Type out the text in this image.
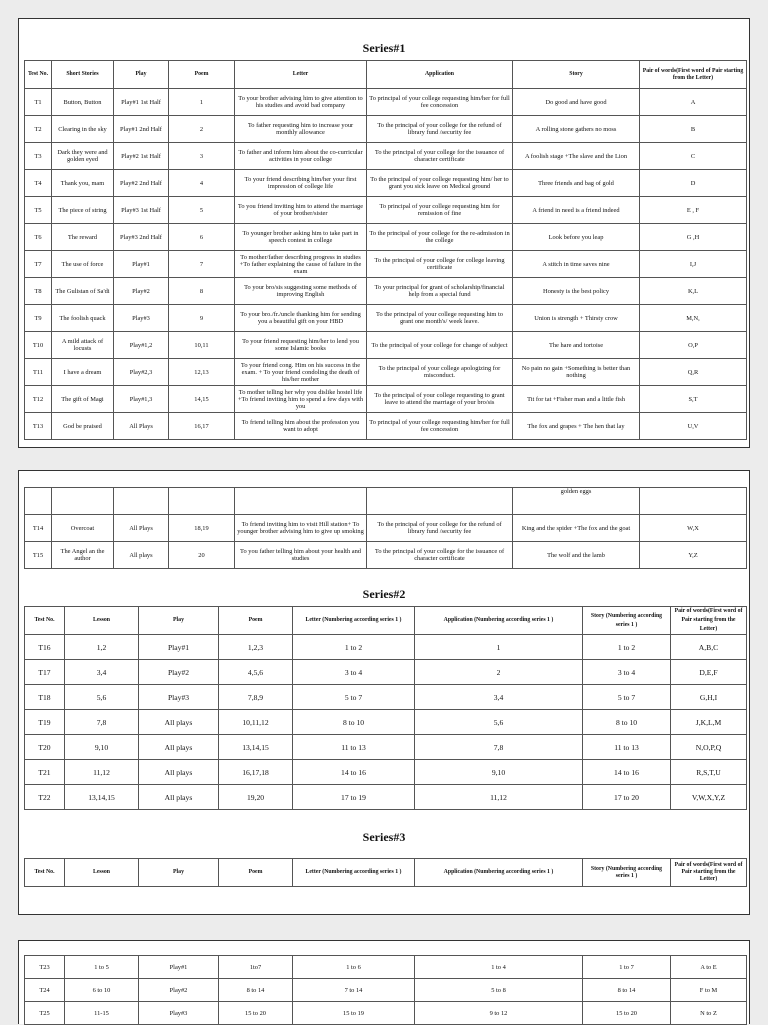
Series#1
Test No.	Short Stories	Play	Poem	Letter	Application	Story	Pair of words(First word of Pair starting from the Letter)
T1	Button, Button	Play#1 1st Half	1	To your brother advising him to give attention to his studies and avoid bad company	To principal of your college requesting him/her for full fee concession	Do good and have good	A
T2	Clearing in the sky	Play#1 2nd Half	2	To father requesting him to increase your monthly allowance	To the principal of your college for the refund of library fund /security fee	A rolling stone gathers no moss	B
T3	Dark they were and golden eyed	Play#2 1st Half	3	To father and inform him about the co-curricular activities in your college	To the principal of your college for the issuance of character certificate	A foolish stage +The slave and the Lion	C
T4	Thank you, mam	Play#2 2nd Half	4	To your friend describing him/her your first impression of college life	To the principal of your college requesting him/ her to grant you sick leave on Medical ground	Three friends and bag of gold	D
T5	The piece of string	Play#3 1st Half	5	To you friend inviting him to attend the marriage of your brother/sister	To principal of your college requesting him for remission of fine	A friend in need is a friend indeed	E , F
T6	The reward	Play#3 2nd Half	6	To younger brother asking him to take part in speech contest in college	To the principal of your college for the re-admission in the college	Look before you leap	G ,H
T7	The use of force	Play#1	7	To mother/father describing progress in studies +To father explaining the cause of failure in the exam	To the principal of your college for college leaving certificate	A stitch in time saves nine	I,J
T8	The Gulistan of Sa'di	Play#2	8	To your bro/sis suggesting some methods of improving English	To your principal for grant of scholarship/financial help from a special fund	Honesty is the best policy	K,L
T9	The foolish quack	Play#3	9	To your bro./fr./uncle thanking him for sending you a beautiful gift on your HBD	To the principal of your college requesting him to grant one month's/ week leave.	Union is strength + Thirsty crow	M,N,
T10	A mild attack of locusts	Play#1,2	10,11	To your friend requesting him/her to lend you some Islamic books	To the principal of your college for change of subject	The hare and tortoise	O,P
T11	I have a dream	Play#2,3	12,13	To your friend cong. Him on his success in the exam. + To your friend condoling the death of his/her mother	To the principal of your college apologizing for misconduct.	No pain no gain +Something is better than nothing	Q,R
T12	The gift of Magi	Play#1,3	14,15	To mother telling her why you dislike hostel life +To friend inviting him to spend a few days with you	To the principal of your college requesting to grant leave to attend the marriage of your bro/sis	Tit for tat +Fisher man and a little fish	S,T
T13	God be praised	All Plays	16,17	To friend telling him about the profession you want to adopt	To principal of your college requesting him/her for full fee concession	The fox and grapes + The hen that lay	U,V
						golden eggs	
T14	Overcoat	All Plays	18,19	To friend inviting him to visit Hill station+ To younger brother advising him to give up smoking	To the principal of your college for the refund of library fund /security fee	King and the spider +The fox and the goat	W,X
T15	The Angel an the author	All plays	20	To you father telling him about your health and studies	To the principal of your college for the issuance of character certificate	The wolf and the lamb	Y,Z
Series#2
Test No.	Lesson	Play	Poem	Letter (Numbering according series 1 )	Application (Numbering according series 1 )	Story (Numbering according series 1 )	Pair of words(First word of Pair starting from the Letter)
T16	1,2	Play#1	1,2,3	1 to 2	1	1 to 2	A,B,C
T17	3,4	Play#2	4,5,6	3 to 4	2	3 to 4	D,E,F
T18	5,6	Play#3	7,8,9	5 to 7	3,4	5 to 7	G,H,I
T19	7,8	All plays	10,11,12	8 to 10	5,6	8 to 10	J,K,L,M
T20	9,10	All plays	13,14,15	11 to 13	7,8	11 to 13	N,O,P,Q
T21	11,12	All plays	16,17,18	14 to 16	9,10	14 to 16	R,S,T,U
T22	13,14,15	All plays	19,20	17 to 19	11,12	17 to 20	V,W,X,Y,Z
Series#3
Test No.	Lesson	Play	Poem	Letter (Numbering according series 1 )	Application (Numbering according series 1 )	Story (Numbering according series 1 )	Pair of words(First word of Pair starting from the Letter)
T23	1 to 5	Play#1	1to7	1 to 6	1 to 4	1 to 7	A to E
T24	6 to 10	Play#2	8 to 14	7 to 14	5 to 8	8 to 14	F to M
T25	11-15	Play#3	15 to 20	15 to 19	9 to 12	15 to 20	N to Z
